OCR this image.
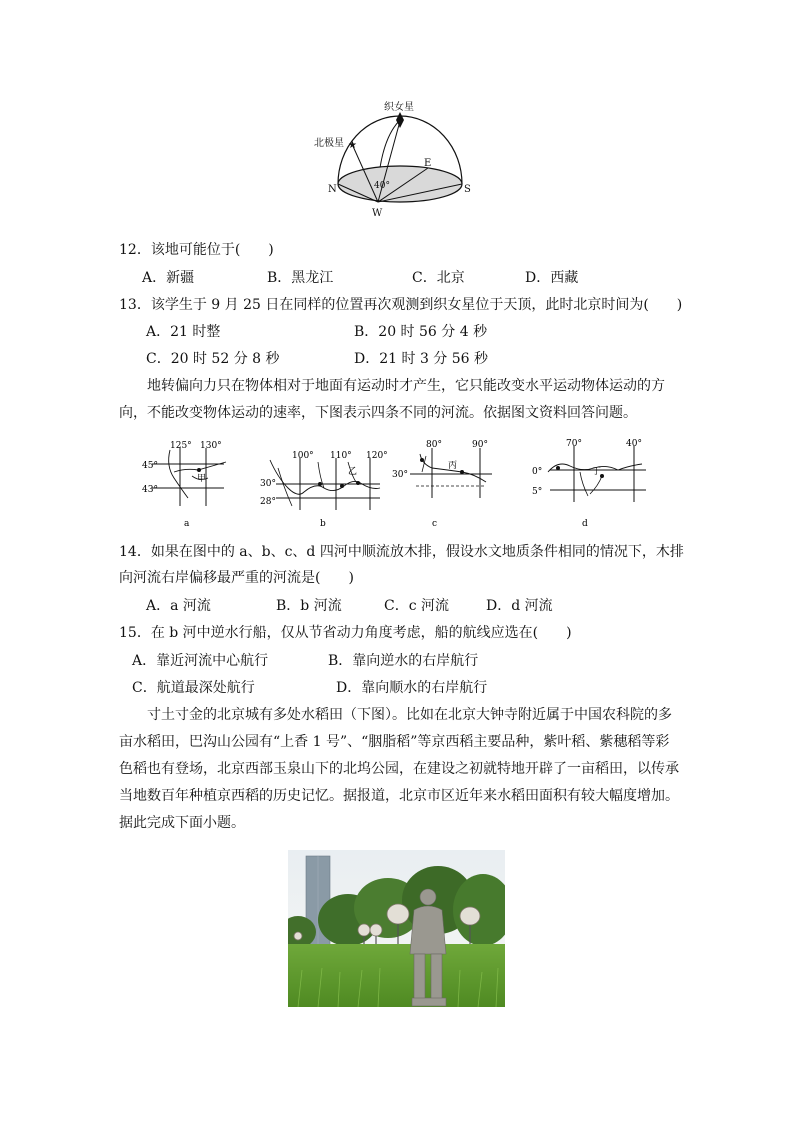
★
织女星
北极星
E
N	S
W
40°
12．该地可能位于(　　)
A．新疆	B．黑龙江	C．北京	D．西藏
13．该学生于 9 月 25 日在同样的位置再次观测到织女星位于天顶，此时北京时间为(　　)
A．21 时整	B．20 时 56 分 4 秒
C．20 时 52 分 8 秒	D．21 时 3 分 56 秒
地转偏向力只在物体相对于地面有运动时才产生，它只能改变水平运动物体运动的方向，不能改变物体运动的速率，下图表示四条不同的河流。依据图文资料回答问题。
125° 130°
45°
43°
甲
a
100° 110° 120°
30°
28°
乙
b
80°	90°
30°
丙
c
70°	40°
0°
5°
丁
d
14．如果在图中的 a、b、c、d 四河中顺流放木排，假设水文地质条件相同的情况下，木排
向河流右岸偏移最严重的河流是(　　)
A．a 河流	B．b 河流	C．c 河流	D．d 河流
15．在 b 河中逆水行船，仅从节省动力角度考虑，船的航线应选在(　　)
A．靠近河流中心航行	B．靠向逆水的右岸航行
C．航道最深处航行	D．靠向顺水的右岸航行
寸土寸金的北京城有多处水稻田（下图）。比如在北京大钟寺附近属于中国农科院的多亩水稻田，巴沟山公园有“上香 1 号”、“胭脂稻”等京西稻主要品种，紫叶稻、紫穗稻等彩色稻也有登场，北京西部玉泉山下的北坞公园，在建设之初就特地开辟了一亩稻田，以传承当地数百年种植京西稻的历史记忆。据报道，北京市区近年来水稻田面积有较大幅度增加。据此完成下面小题。
